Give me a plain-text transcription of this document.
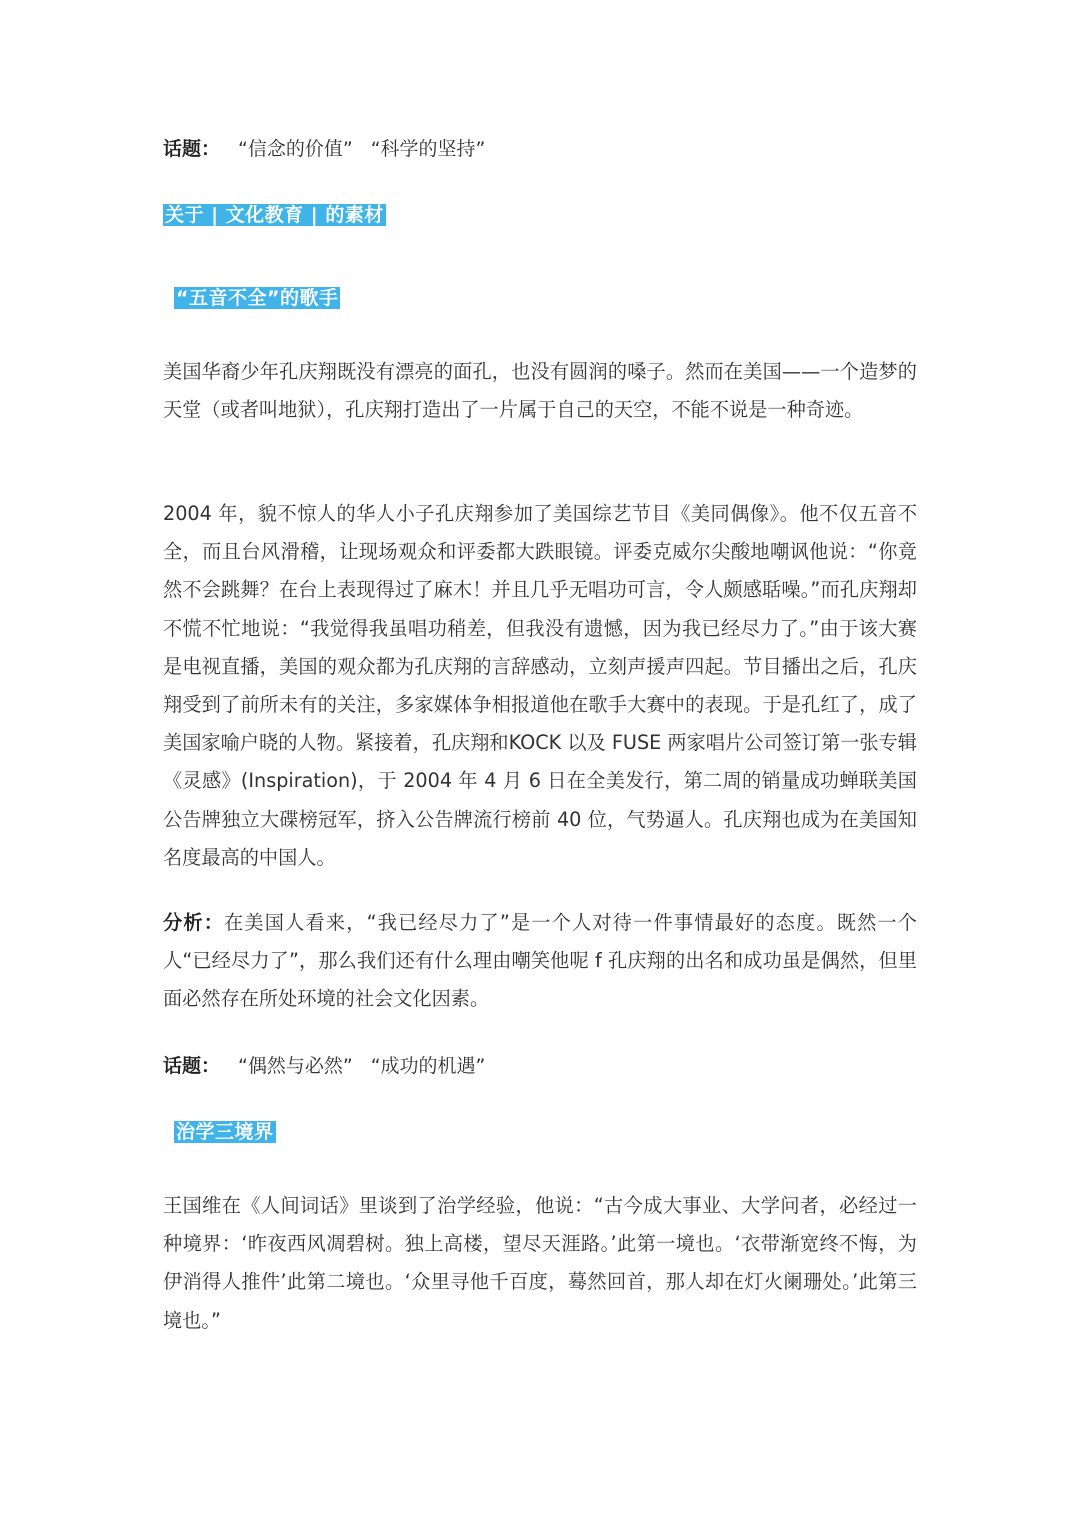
话题： “信念的价值” “科学的坚持”
关于 | 文化教育 | 的素材
“五音不全”的歌手

美国华裔少年孔庆翔既没有漂亮的面孔，也没有圆润的嗓子。然而在美国——一个造梦的天堂（或者叫地狱），孔庆翔打造出了一片属于自己的天空，不能不说是一种奇迹。

2004 年，貌不惊人的华人小子孔庆翔参加了美国综艺节目《美同偶像》。他不仅五音不全，而且台风滑稽，让现场观众和评委都大跌眼镜。评委克威尔尖酸地嘲讽他说：“你竟然不会跳舞？在台上表现得过了麻木！并且几乎无唱功可言，令人颇感聒噪。”而孔庆翔却不慌不忙地说：“我觉得我虽唱功稍差，但我没有遗憾，因为我已经尽力了。”由于该大赛是电视直播，美国的观众都为孔庆翔的言辞感动，立刻声援声四起。节目播出之后，孔庆翔受到了前所未有的关注，多家媒体争相报道他在歌手大赛中的表现。于是孔红了，成了美国家喻户晓的人物。紧接着，孔庆翔和KOCK 以及 FUSE 两家唱片公司签订第一张专辑《灵感》(Inspiration)，于 2004 年 4 月 6 日在全美发行，第二周的销量成功蝉联美国公告牌独立大碟榜冠军，挤入公告牌流行榜前 40 位，气势逼人。孔庆翔也成为在美国知名度最高的中国人。

分析：在美国人看来，“我已经尽力了”是一个人对待一件事情最好的态度。既然一个人“已经尽力了”，那么我们还有什么理由嘲笑他呢 f 孔庆翔的出名和成功虽是偶然，但里面必然存在所处环境的社会文化因素。

话题： “偶然与必然” “成功的机遇”
治学三境界

王国维在《人间词话》里谈到了治学经验，他说：“古今成大事业、大学问者，必经过一种境界：‘昨夜西风凋碧树。独上高楼，望尽天涯路。’此第一境也。‘衣带渐宽终不悔，为伊消得人推件’此第二境也。‘众里寻他千百度，蓦然回首，那人却在灯火阑珊处。’此第三境也。”
